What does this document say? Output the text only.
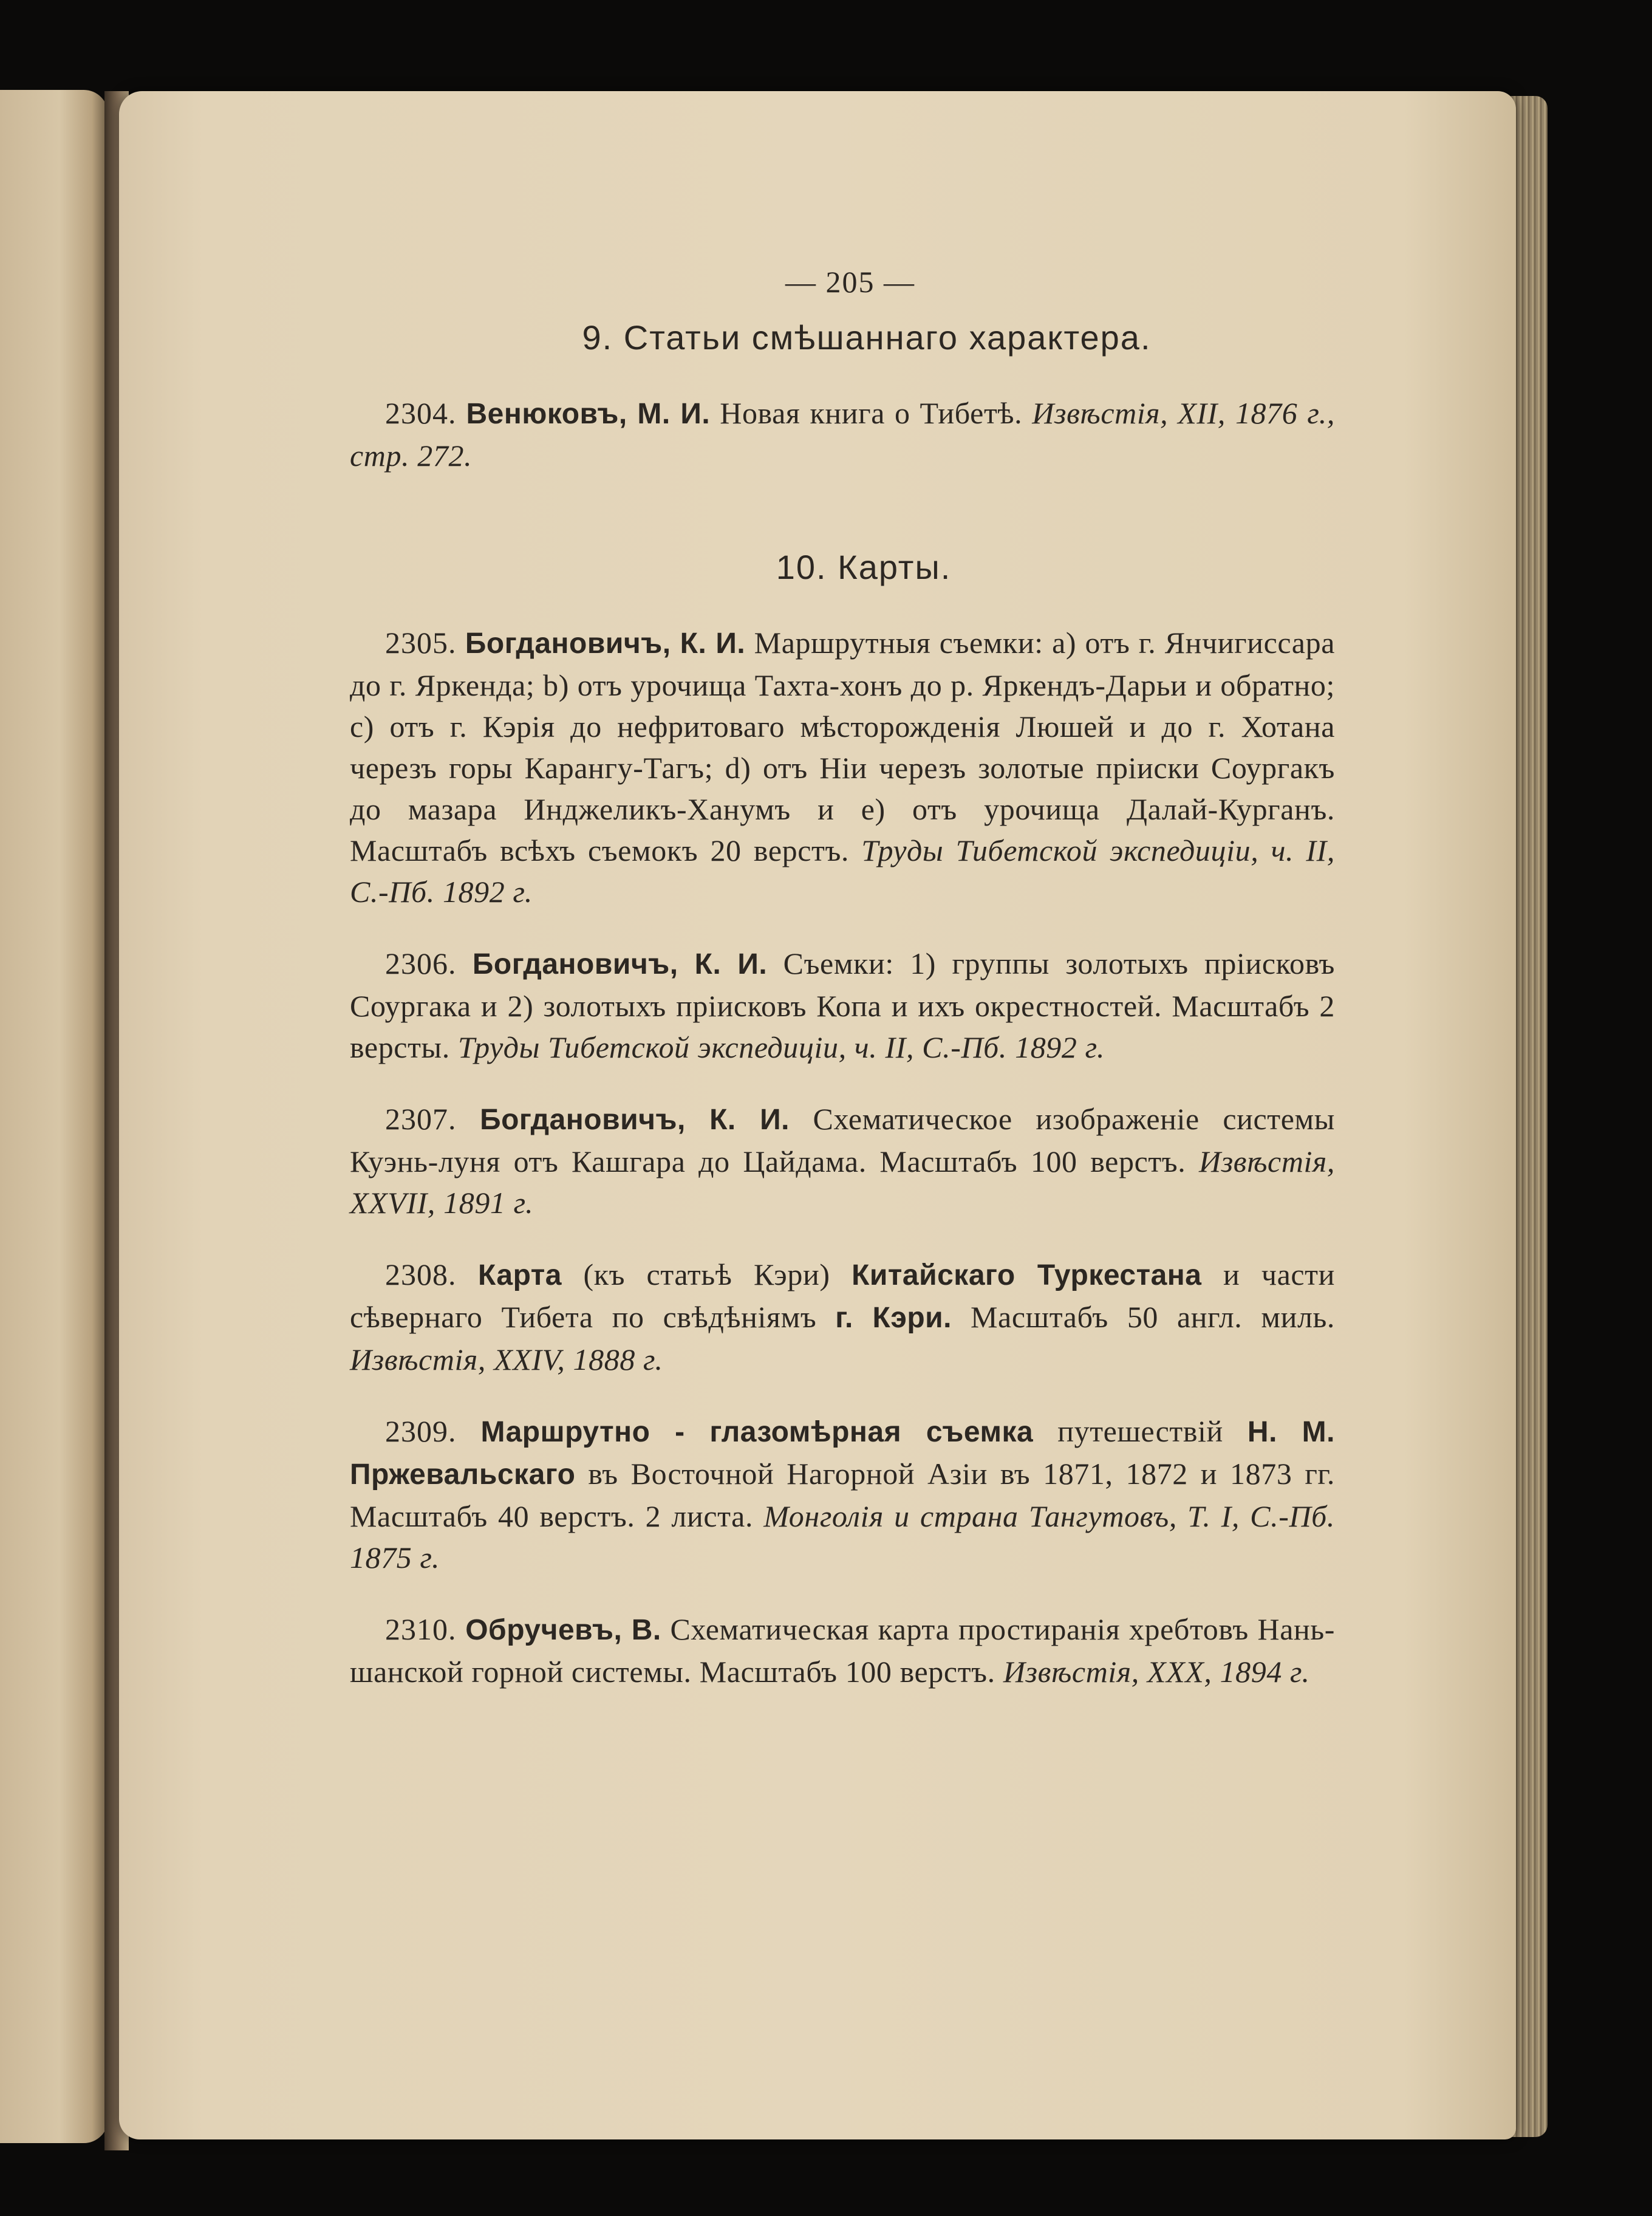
— 205 —
9. Статьи смѣшаннаго характера.

2304. Венюковъ, М. И. Новая книга о Тибетѣ. Извѣстія, XII, 1876 г., стр. 272.

10. Карты.

2305. Богдановичъ, К. И. Маршрутныя съемки: a) отъ г. Янчигиссара до г. Яркенда; b) отъ урочища Тахта-хонъ до р. Яркендъ-Дарьи и обратно; c) отъ г. Кэрія до нефритоваго мѣсторожденія Люшей и до г. Хотана черезъ горы Карангу-Тагъ; d) отъ Ніи черезъ золотые пріиски Соургакъ до мазара Инджеликъ-Ханумъ и e) отъ урочища Далай-Курганъ. Масштабъ всѣхъ съемокъ 20 верстъ. Труды Тибетской экспедиціи, ч. II, С.-Пб. 1892 г.

2306. Богдановичъ, К. И. Съемки: 1) группы золотыхъ пріисковъ Соургака и 2) золотыхъ пріисковъ Копа и ихъ окрестностей. Масштабъ 2 версты. Труды Тибетской экспедиціи, ч. II, С.-Пб. 1892 г.

2307. Богдановичъ, К. И. Схематическое изображеніе системы Куэнь-луня отъ Кашгара до Цайдама. Масштабъ 100 верстъ. Извѣстія, XXVII, 1891 г.

2308. Карта (къ статьѣ Кэри) Китайскаго Туркестана и части сѣвернаго Тибета по свѣдѣніямъ г. Кэри. Масштабъ 50 англ. миль. Извѣстія, XXIV, 1888 г.

2309. Маршрутно - глазомѣрная съемка путешествій Н. М. Пржевальскаго въ Восточной Нагорной Азіи въ 1871, 1872 и 1873 гг. Масштабъ 40 верстъ. 2 листа. Монголія и страна Тангутовъ, Т. I, С.-Пб. 1875 г.

2310. Обручевъ, В. Схематическая карта простиранія хребтовъ Нань-шанской горной системы. Масштабъ 100 верстъ. Извѣстія, XXX, 1894 г.
